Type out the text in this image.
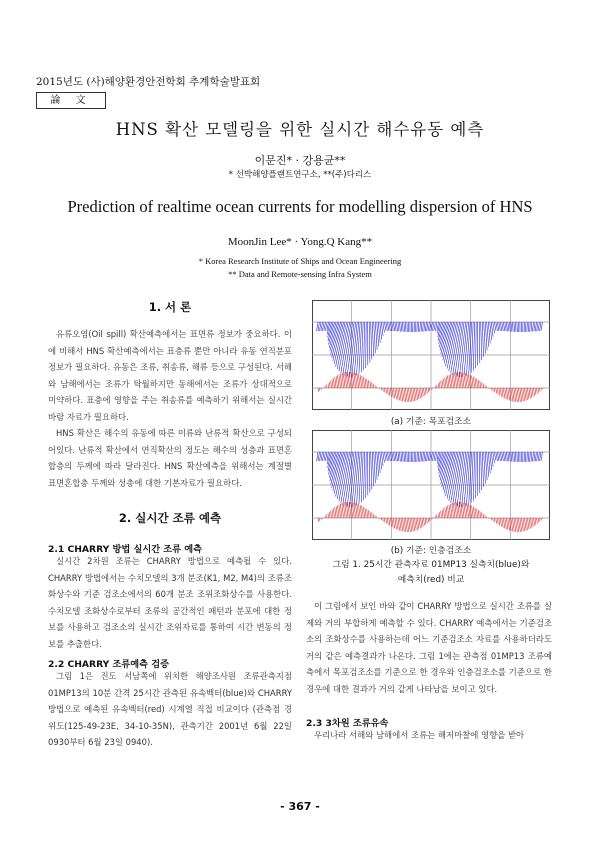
2015년도 (사)해양환경안전학회 추계학술발표회
論 文
HNS 확산 모델링을 위한 실시간 해수유동 예측
이문진* · 강용균**
* 선박해양플랜트연구소, **(주)다리스
Prediction of realtime ocean currents for modelling dispersion of HNS
MoonJin Lee* · Yong.Q Kang**
* Korea Research Institute of Ships and Ocean Engineering
** Data and Remote-sensing Infra System
1. 서 론

유류오염(Oil spill) 확산예측에서는 표면류 정보가 중요하다. 이에 비해서 HNS 확산예측에서는 표층류 뿐만 아니라 유동 연직분포 정보가 필요하다. 유동은 조류, 취송류, 해류 등으로 구성된다. 서해와 남해에서는 조류가 탁월하지만 동해에서는 조류가 상대적으로 미약하다. 표층에 영향을 주는 취송류를 예측하기 위해서는 실시간 바람 자료가 필요하다.

HNS 확산은 해수의 유동에 따른 이류와 난류적 확산으로 구성되어있다. 난류적 확산에서 연직확산의 정도는 해수의 성층과 표면혼합층의 두께에 따라 달라진다. HNS 확산예측을 위해서는 계절별 표면혼합층 두께와 성층에 대한 기본자료가 필요하다.

2. 실시간 조류 예측
2.1 CHARRY 방법 실시간 조류 예측

실시간 2차원 조류는 CHARRY 방법으로 예측될 수 있다. CHARRY 방법에서는 수치모델의 3개 분조(K1, M2, M4)의 조류조화상수와 기준 검조소에서의 60개 분조 조위조화상수를 사용한다. 수치모델 조화상수로부터 조류의 공간적인 패턴과 분포에 대한 정보를 사용하고 검조소의 실시간 조위자료를 통하여 시간 변동의 정보를 추출한다.

2.2 CHARRY 조류예측 검증

그림 1은 진도 서남쪽에 위치한 해양조사원 조류관측지점 01MP13의 10분 간격 25시간 관측된 유속벡터(blue)와 CHARRY 방법으로 예측된 유속벡터(red) 시계열 직접 비교이다 (관측점 경위도(125-49-23E, 34-10-35N), 관측기간 2001년 6월 22일 0930부터 6월 23일 0940).

(a) 기준: 목포검조소
(b) 기준: 인층검조소
그림 1. 25시간 관측자료 01MP13 실측치(blue)와
예측치(red) 비교

이 그림에서 보인 바와 같이 CHARRY 방법으로 실시간 조류를 실제와 거의 부합하게 예측할 수 있다. CHARRY 예측에서는 기준검조소의 조화상수를 사용하는데 어느 기준검조소 자료를 사용하더라도 거의 같은 예측결과가 나온다. 그림 1에는 관측점 01MP13 조류예측에서 목포검조소를 기준으로 한 경우와 인층검조소를 기준으로 한 경우에 대한 결과가 거의 같게 나타남을 보이고 있다.

2.3 3차원 조류유속

우리나라 서해와 남해에서 조류는 해저마찰에 영향을 받아

- 367 -
